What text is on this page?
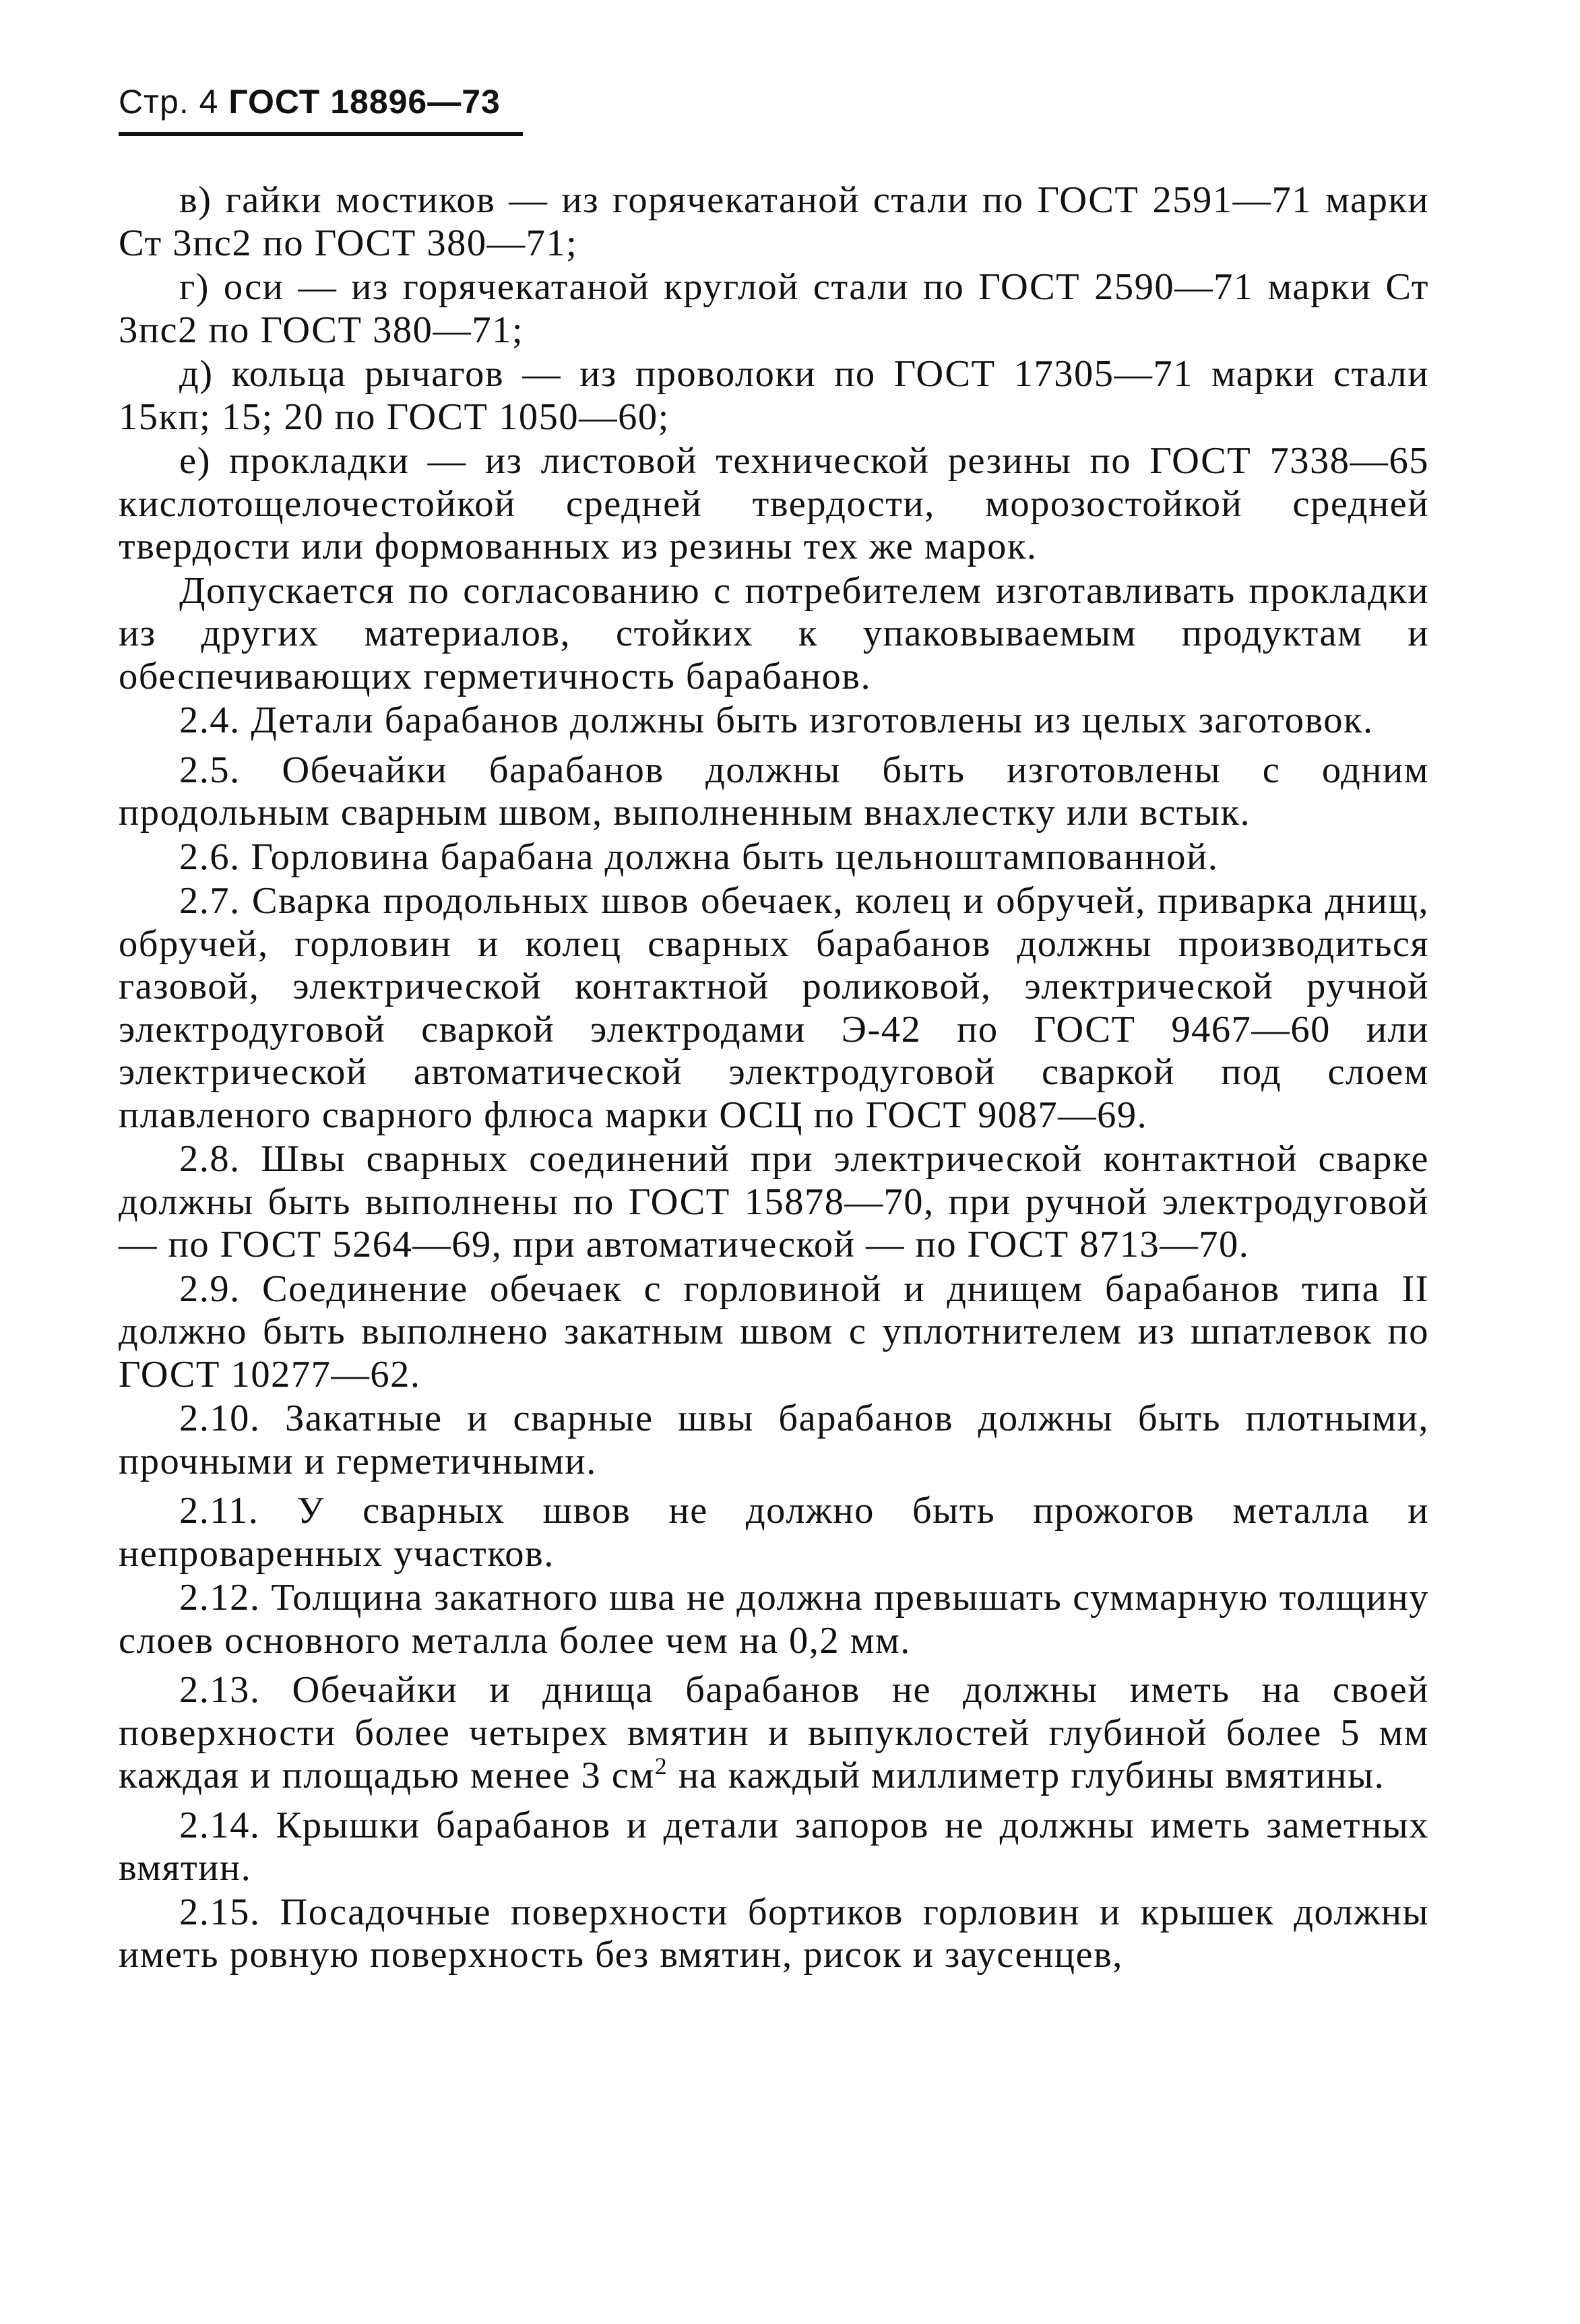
Стр. 4 ГОСТ 18896—73

в) гайки мостиков — из горячекатаной стали по ГОСТ 2591—71 марки Ст 3пс2 по ГОСТ 380—71;

г) оси — из горячекатаной круглой стали по ГОСТ 2590—71 марки Ст 3пс2 по ГОСТ 380—71;

д) кольца рычагов — из проволоки по ГОСТ 17305—71 марки стали 15кп; 15; 20 по ГОСТ 1050—60;

е) прокладки — из листовой технической резины по ГОСТ 7338—65 кислотощелочестойкой средней твердости, морозостойкой средней твердости или формованных из резины тех же марок.

Допускается по согласованию с потребителем изготавливать прокладки из других материалов, стойких к упаковываемым продуктам и обеспечивающих герметичность барабанов.

2.4. Детали барабанов должны быть изготовлены из целых заготовок.

2.5. Обечайки барабанов должны быть изготовлены с одним продольным сварным швом, выполненным внахлестку или встык.

2.6. Горловина барабана должна быть цельноштампованной.

2.7. Сварка продольных швов обечаек, колец и обручей, приварка днищ, обручей, горловин и колец сварных барабанов должны производиться газовой, электрической контактной роликовой, электрической ручной электродуговой сваркой электродами Э-42 по ГОСТ 9467—60 или электрической автоматической электродуговой сваркой под слоем плавленого сварного флюса марки ОСЦ по ГОСТ 9087—69.

2.8. Швы сварных соединений при электрической контактной сварке должны быть выполнены по ГОСТ 15878—70, при ручной электродуговой — по ГОСТ 5264—69, при автоматической — по ГОСТ 8713—70.

2.9. Соединение обечаек с горловиной и днищем барабанов типа II должно быть выполнено закатным швом с уплотнителем из шпатлевок по ГОСТ 10277—62.

2.10. Закатные и сварные швы барабанов должны быть плотными, прочными и герметичными.

2.11. У сварных швов не должно быть прожогов металла и непроваренных участков.

2.12. Толщина закатного шва не должна превышать суммарную толщину слоев основного металла более чем на 0,2 мм.

2.13. Обечайки и днища барабанов не должны иметь на своей поверхности более четырех вмятин и выпуклостей глубиной более 5 мм каждая и площадью менее 3 $см^2$ на каждый миллиметр глубины вмятины.

2.14. Крышки барабанов и детали запоров не должны иметь заметных вмятин.

2.15. Посадочные поверхности бортиков горловин и крышек должны иметь ровную поверхность без вмятин, рисок и заусенцев,
